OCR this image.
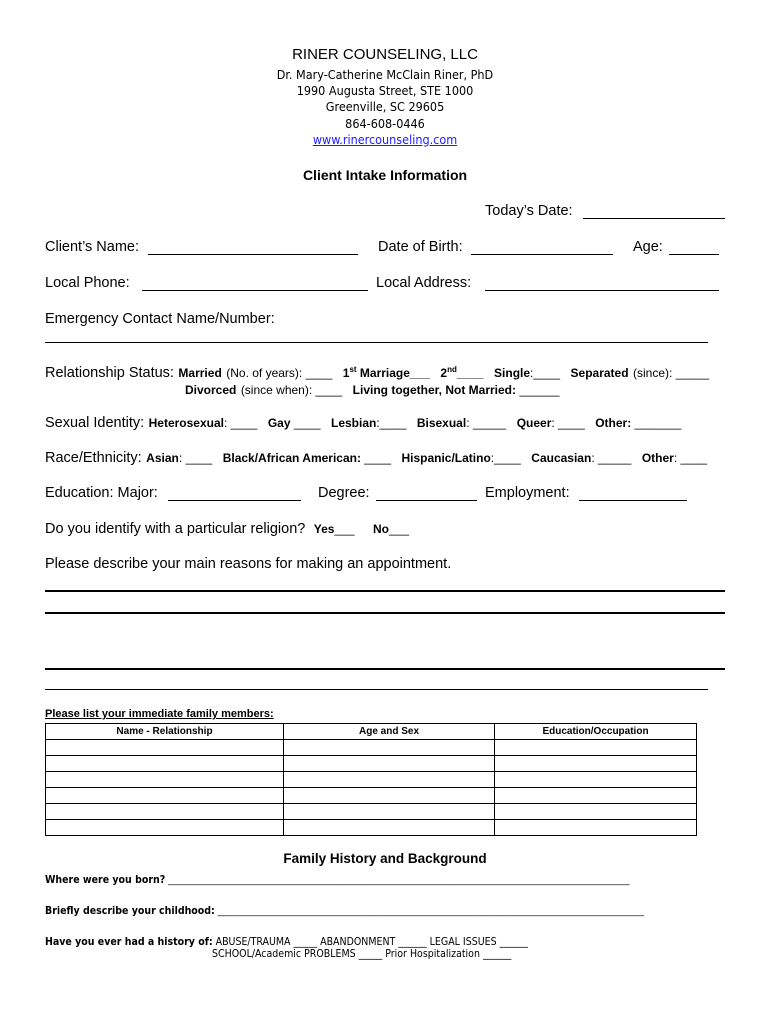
RINER COUNSELING, LLC
Dr. Mary-Catherine McClain Riner, PhD
1990 Augusta Street, STE 1000
Greenville, SC 29605
864-608-0446
www.rinercounseling.com
Client Intake Information
Today’s Date:
Client’s Name:	Date of Birth:	Age:
Local Phone:	Local Address:
Emergency Contact Name/Number:
Relationship Status: Married (No. of years): ____ 1st Marriage___ 2nd____ Single:____ Separated (since): _____
Divorced (since when): ____ Living together, Not Married: ______
Sexual Identity: Heterosexual: ____ Gay ____ Lesbian:____ Bisexual: _____ Queer: ____ Other: _______
Race/Ethnicity: Asian: ____ Black/African American: ____ Hispanic/Latino:____ Caucasian: _____ Other: ____
Education: Major:	Degree:	Employment:
Do you identify with a particular religion? Yes___ No___
Please describe your main reasons for making an appointment.
Please list your immediate family members:
Name - Relationship	Age and Sex	Education/Occupation

Family History and Background
Where were you born? _______________________________________________________________________________
Briefly describe your childhood: _________________________________________________________________________
Have you ever had a history of: ABUSE/TRAUMA _____ ABANDONMENT ______ LEGAL ISSUES ______
SCHOOL/Academic PROBLEMS _____ Prior Hospitalization ______
